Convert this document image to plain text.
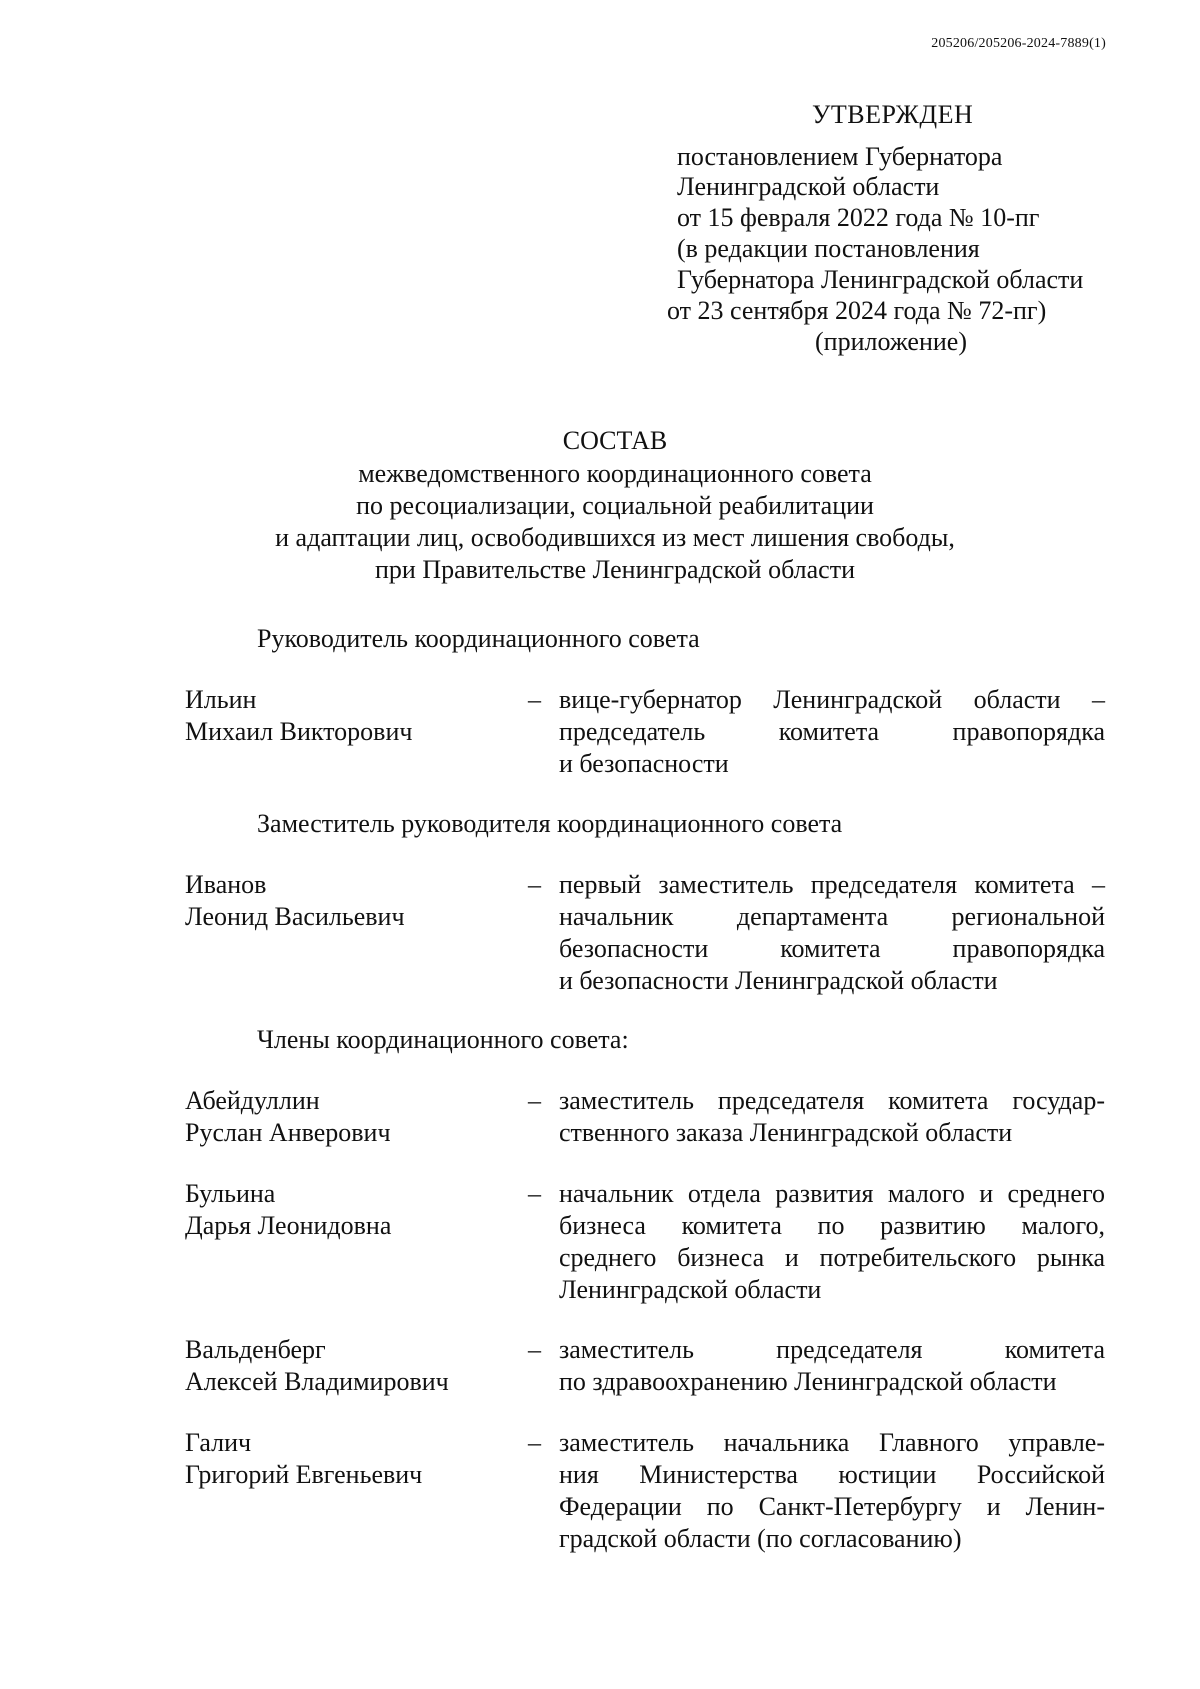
205206/205206-2024-7889(1)
УТВЕРЖДЕН
постановлением Губернатора
Ленинградской области
от 15 февраля 2022 года № 10-пг
(в редакции постановления
Губернатора Ленинградской области
от 23 сентября 2024 года № 72-пг)
(приложение)
СОСТАВ
межведомственного координационного совета
по ресоциализации, социальной реабилитации
и адаптации лиц, освободившихся из мест лишения свободы,
при Правительстве Ленинградской области
Руководитель координационного совета
Ильин
Михаил Викторович
– вице-губернатор Ленинградской области –
председатель комитета правопорядка
и безопасности
Заместитель руководителя координационного совета
Иванов
Леонид Васильевич
– первый заместитель председателя комитета –
начальник департамента региональной
безопасности комитета правопорядка
и безопасности Ленинградской области
Члены координационного совета:
Абейдуллин
Руслан Анверович
– заместитель председателя комитета государ-
ственного заказа Ленинградской области
Бульина
Дарья Леонидовна
– начальник отдела развития малого и среднего
бизнеса комитета по развитию малого,
среднего бизнеса и потребительского рынка
Ленинградской области
Вальденберг
Алексей Владимирович
– заместитель председателя комитета
по здравоохранению Ленинградской области
Галич
Григорий Евгеньевич
– заместитель начальника Главного управле-
ния Министерства юстиции Российской
Федерации по Санкт-Петербургу и Ленин-
градской области (по согласованию)
